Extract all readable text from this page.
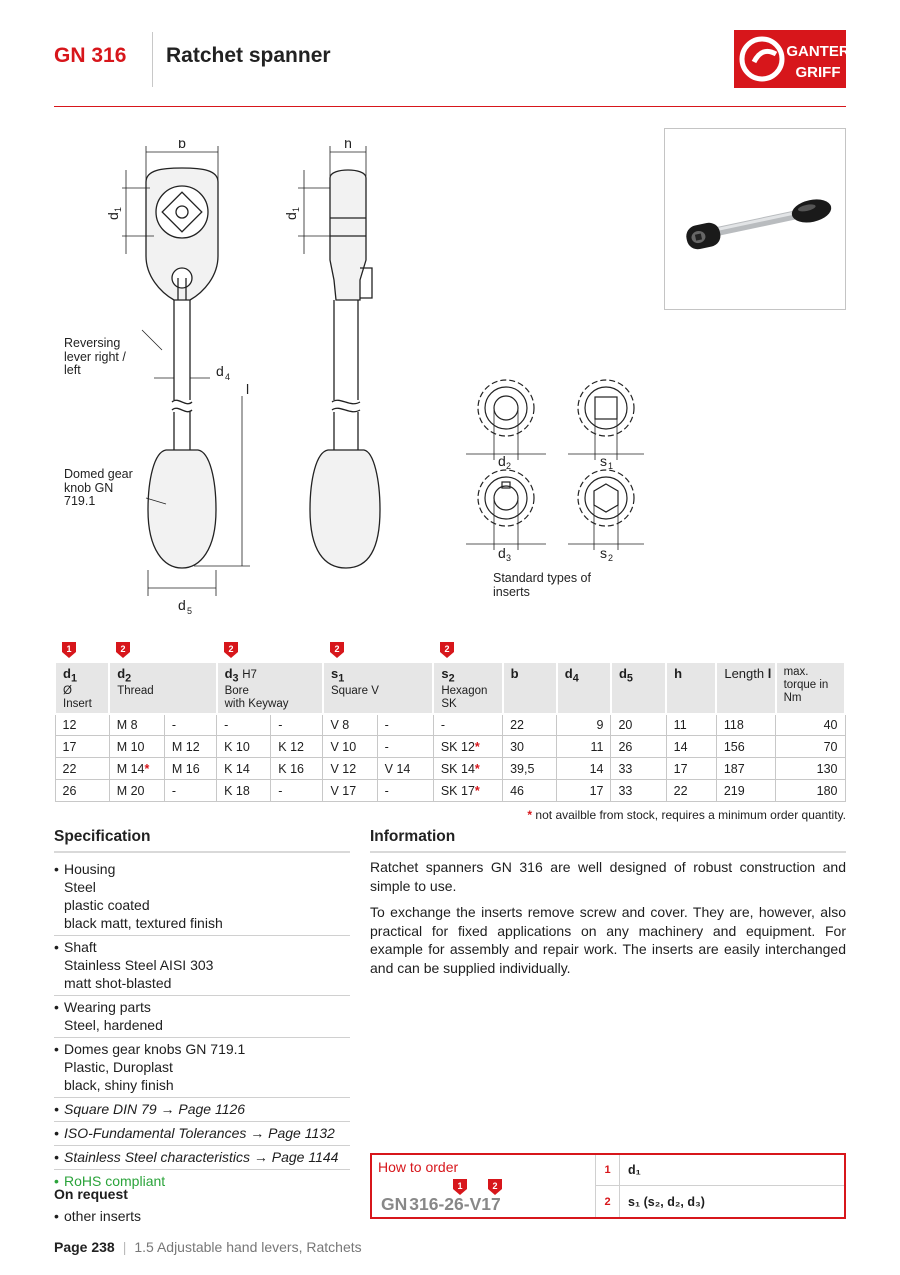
GN 316 Ratchet spanner	GANTER
GRIFF
b	h
d
1
d
1
d 4
l
d 5
Reversing lever right / left
Domed gear knob GN 719.1
d 2	s 1
d 3	s 2
Standard types of inserts
1	2		2		2		2						

$d_1$
Ø
Insert	$d_2$
Thread		$d_3$ H7
Bore
with Keyway		$s_1$
Square V		$s_2$
Hexagon
SK	b	$d_4$	$d_5$	h	Length l	max. torque in Nm

12	M 8	-	-	-	V 8	-	-	22	9	20	11	118	40
17	M 10	M 12	K 10	K 12	V 10	-	SK 12*	30	11	26	14	156	70
22	M 14*	M 16	K 14	K 16	V 12	V 14	SK 14*	39,5	14	33	17	187	130
26	M 20	-	K 18	-	V 17	-	SK 17*	46	17	33	22	219	180
* not availble from stock, requires a minimum order quantity.
Specification
• Housing
Steel
plastic coated
black matt, textured finish
• Shaft
Stainless Steel AISI 303
matt shot-blasted
• Wearing parts
Steel, hardened
• Domes gear knobs GN 719.1
Plastic, Duroplast
black, shiny finish
• Square DIN 79 → Page 1126
• ISO-Fundamental Tolerances → Page 1132
• Stainless Steel characteristics → Page 1144
• RoHS compliant
On request
• other inserts
Information

Ratchet spanners GN 316 are well designed of robust construction and simple to use.

To exchange the inserts remove screw and cover. They are, however, also practical for fixed applications on any machinery and equipment. For example for assembly and repair work. The inserts are easily interchanged and can be supplied individually.

How to order
1	2
GN 316-26-V17
1	d₁
2	s₁ (s₂, d₂, d₃)
Page 238 | 1.5 Adjustable hand levers, Ratchets
